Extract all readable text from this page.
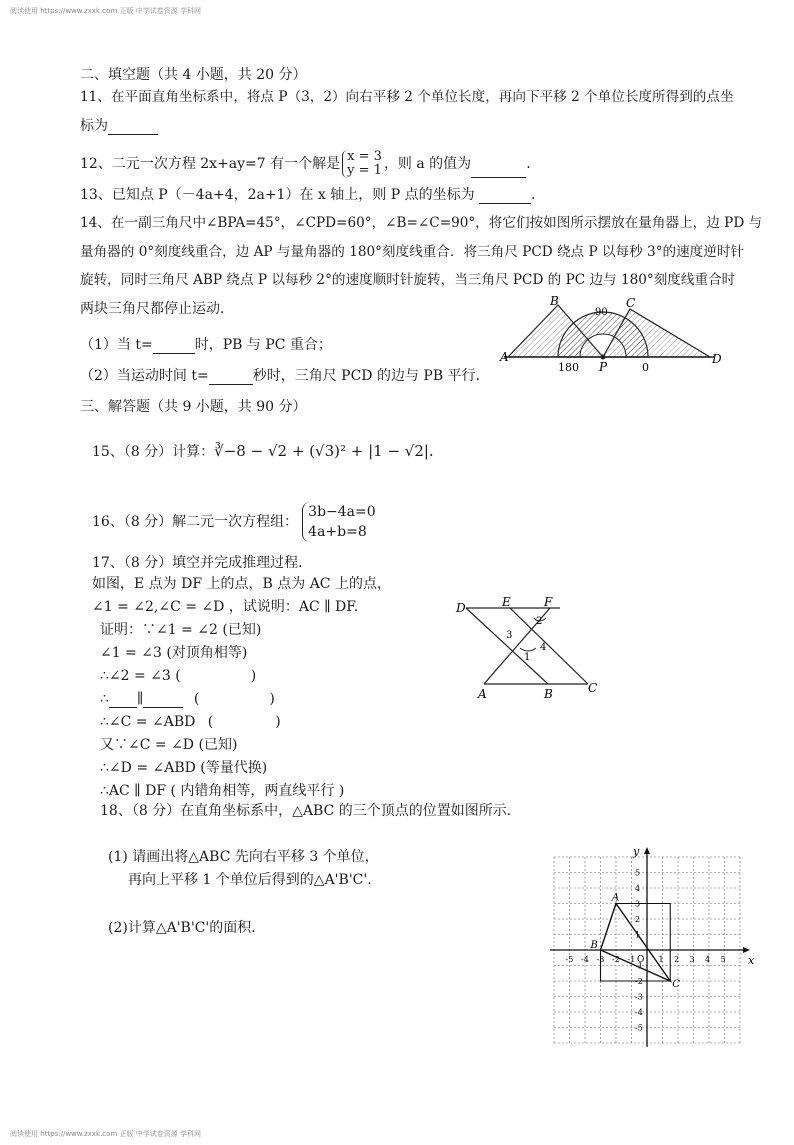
阅读使用 https://www.zxxk.com 正版 中学试卷资源 学科网
二、填空题（共 4 小题，共 20 分）
11、在平面直角坐标系中，将点 P（3，2）向右平移 2 个单位长度，再向下平移 2 个单位长度所得到的点坐
标为
12、二元一次方程 2x+ay=7 有一个解是 x = 3
y = 1 ，则 a 的值为	.
13、已知点 P（－4a+4，2a+1）在 x 轴上，则 P 点的坐标为	.
14、在一副三角尺中∠BPA=45°，∠CPD=60°，∠B=∠C=90°，将它们按如图所示摆放在量角器上，边 PD 与
量角器的 0°刻度线重合，边 AP 与量角器的 180°刻度线重合．将三角尺 PCD 绕点 P 以每秒 3°的速度逆时针
旋转，同时三角尺 ABP 绕点 P 以每秒 2°的速度顺时针旋转，当三角尺 PCD 的 PC 边与 180°刻度线重合时
两块三角尺都停止运动．
（1）当 t=	时，PB 与 PC 重合；
（2）当运动时间 t=	秒时，三角尺 PCD 的边与 PB 平行．
A
B	C
D
P
180
90
0
三、解答题（共 9 小题，共 90 分）
15、（8 分）计算：∛−8 − √2 + (√3)² + |1 − √2|.
16、（8 分）解二元一次方程组：3b−4a=0
4a+b=8
17、（8 分）填空并完成推理过程．
如图，E 点为 DF 上的点，B 点为 AC 上的点，
∠1 = ∠2,∠C = ∠D ，试说明：AC ∥ DF.
证明：∵∠1 = ∠2 (已知)
∠1 = ∠3 (对顶角相等)
∴∠2 = ∠3 (	)
∴ ∥	(	)
∴∠C = ∠ABD (	)
又∵∠C = ∠D (已知)
∴∠D = ∠ABD (等量代换)
∴AC ∥ DF ( 内错角相等，两直线平行 )
D	E	F
A	B	C
1
2
3
4
18、（8 分）在直角坐标系中，△ABC 的三个顶点的位置如图所示．
(1) 请画出将△ABC 先向右平移 3 个单位，
再向上平移 1 个单位后得到的△A'B'C'.
(2)计算△A'B'C'的面积．
x
y
O
-5 -4 -3 -2 -1	1 2 3 4 5
5
4
3
2
1
-1
-2
-3
-4
-5
A
B
C
阅读使用 https://www.zxxk.com 正版 中学试卷资源 学科网
